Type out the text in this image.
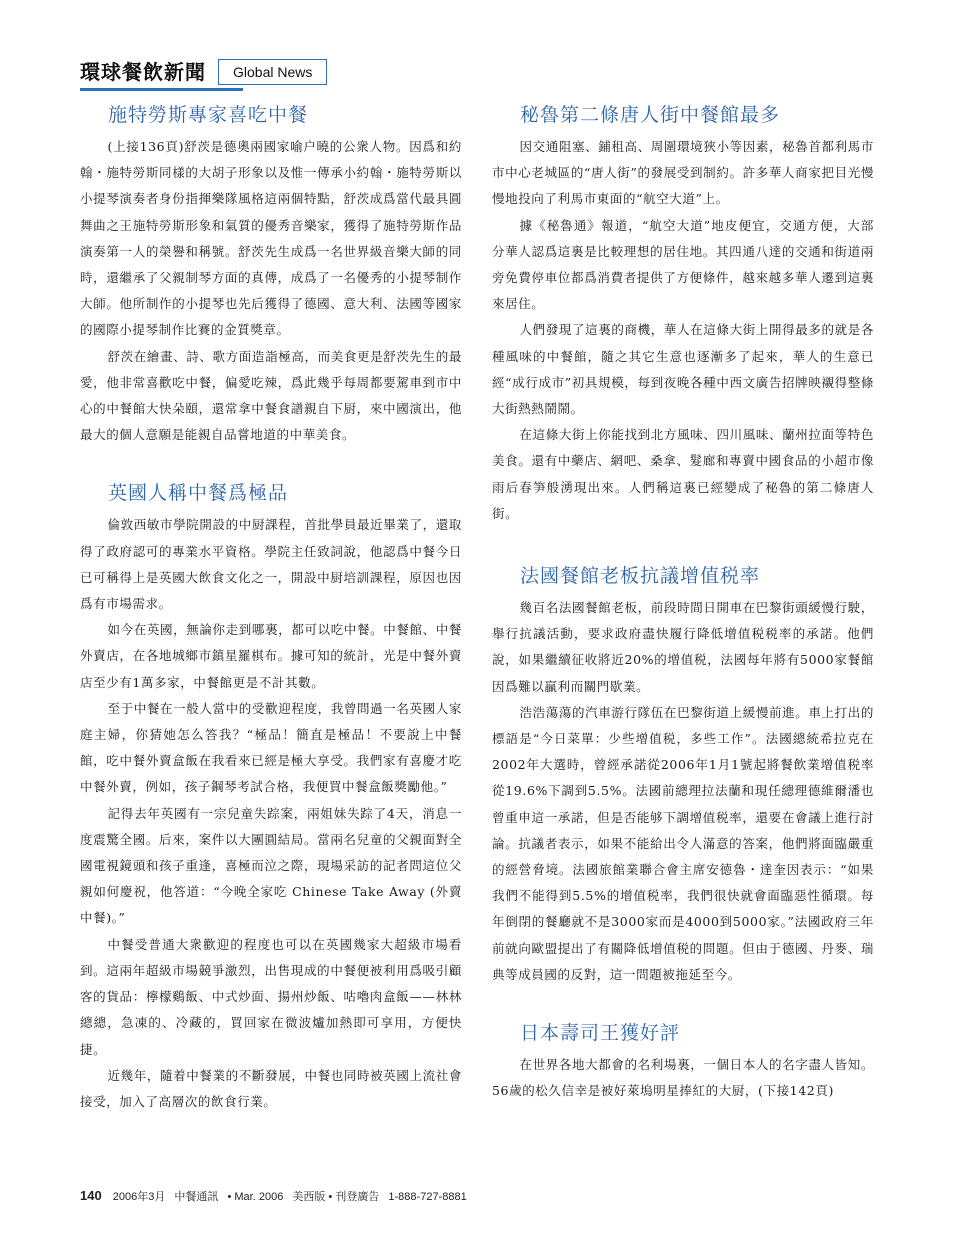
環球餐飲新聞	Global News
施特勞斯專家喜吃中餐

(上接136頁)舒茨是德奧兩國家喻户曉的公衆人物。因爲和約翰・施特勞斯同樣的大胡子形象以及惟一傳承小約翰・施特勞斯以小提琴演奏者身份指揮樂隊風格這兩個特點，舒茨成爲當代最具圓舞曲之王施特勞斯形象和氣質的優秀音樂家，獲得了施特勞斯作品演奏第一人的榮譽和稱號。舒茨先生成爲一名世界級音樂大師的同時，還繼承了父親制琴方面的真傳，成爲了一名優秀的小提琴制作大師。他所制作的小提琴也先后獲得了德國、意大利、法國等國家的國際小提琴制作比賽的金質獎章。

舒茨在繪畫、詩、歌方面造詣極高，而美食更是舒茨先生的最愛，他非常喜歡吃中餐，偏愛吃辣，爲此幾乎每周都要駕車到市中心的中餐館大快朵頤，還常拿中餐食譜親自下厨，來中國演出，他最大的個人意願是能親自品嘗地道的中華美食。

英國人稱中餐爲極品

倫敦西敏市學院開設的中厨課程，首批學員最近畢業了，還取得了政府認可的專業水平資格。學院主任致詞說，他認爲中餐今日已可稱得上是英國大飲食文化之一，開設中厨培訓課程，原因也因爲有市場需求。

如今在英國，無論你走到哪裏，都可以吃中餐。中餐館、中餐外賣店，在各地城鄉市鎮星羅棋布。據可知的統計，光是中餐外賣店至少有1萬多家，中餐館更是不計其數。

至于中餐在一般人當中的受歡迎程度，我曾問過一名英國人家庭主婦，你猜她怎么答我？“極品！簡直是極品！不要說上中餐館，吃中餐外賣盒飯在我看來已經是極大享受。我們家有喜慶才吃中餐外賣，例如，孩子鋼琴考試合格，我便買中餐盒飯獎勵他。”

記得去年英國有一宗兒童失踪案，兩姐妹失踪了4天，消息一度震驚全國。后來，案件以大團圓結局。當兩名兒童的父親面對全國電視鏡頭和孩子重逢，喜極而泣之際，現場采訪的記者問這位父親如何慶祝，他答道：“今晚全家吃 Chinese Take Away (外賣中餐)。”

中餐受普通大衆歡迎的程度也可以在英國幾家大超級市場看到。這兩年超級市場競爭激烈，出售現成的中餐便被利用爲吸引顧客的貨品：檸檬鷄飯、中式炒面、揚州炒飯、咕嚕肉盒飯——林林總總，急凍的、冷藏的，買回家在微波爐加熱即可享用，方便快捷。

近幾年，隨着中餐業的不斷發展，中餐也同時被英國上流社會接受，加入了高層次的飲食行業。

秘魯第二條唐人街中餐館最多

因交通阻塞、鋪租高、周圍環境狹小等因素，秘魯首都利馬市市中心老城區的“唐人街”的發展受到制約。許多華人商家把目光慢慢地投向了利馬市東面的“航空大道”上。

據《秘魯通》報道，“航空大道”地皮便宜，交通方便，大部分華人認爲這裏是比較理想的居住地。其四通八達的交通和街道兩旁免費停車位都爲消費者提供了方便條件，越來越多華人遷到這裏來居住。

人們發現了這裏的商機，華人在這條大街上開得最多的就是各種風味的中餐館，隨之其它生意也逐漸多了起來，華人的生意已經“成行成市”初具規模，每到夜晚各種中西文廣告招牌映襯得整條大街熱熱鬧鬧。

在這條大街上你能找到北方風味、四川風味、蘭州拉面等特色美食。還有中藥店、網吧、桑拿、髮廊和專賣中國食品的小超市像雨后春笋般湧現出來。人們稱這裏已經變成了秘魯的第二條唐人街。

法國餐館老板抗議增值税率

幾百名法國餐館老板，前段時間日開車在巴黎街頭緩慢行駛，舉行抗議活動，要求政府盡快履行降低增值税税率的承諾。他們說，如果繼續征收將近20%的增值税，法國每年將有5000家餐館因爲難以贏利而關門歇業。

浩浩蕩蕩的汽車游行隊伍在巴黎街道上緩慢前進。車上打出的標語是“今日菜單：少些增值税，多些工作”。法國總統希拉克在2002年大選時，曾經承諾從2006年1月1號起將餐飲業增值税率從19.6%下調到5.5%。法國前總理拉法蘭和現任總理德維爾潘也曾重申這一承諾，但是否能够下調增值税率，還要在會議上進行討論。抗議者表示，如果不能給出令人滿意的答案，他們將面臨嚴重的經營脅境。法國旅館業聯合會主席安德魯・達奎因表示：“如果我們不能得到5.5%的增值税率，我們很快就會面臨惡性循環。每年倒閉的餐廳就不是3000家而是4000到5000家。”法國政府三年前就向歐盟提出了有關降低增值税的問題。但由于德國、丹麥、瑞典等成員國的反對，這一問題被拖延至今。

日本壽司王獲好評

在世界各地大都會的名利場裏，一個日本人的名字盡人皆知。56歲的松久信幸是被好萊塢明星捧紅的大厨，(下接142頁)

140 2006年3月 中餐通訊 • Mar. 2006 美西版 • 刊登廣告 1-888-727-8881
